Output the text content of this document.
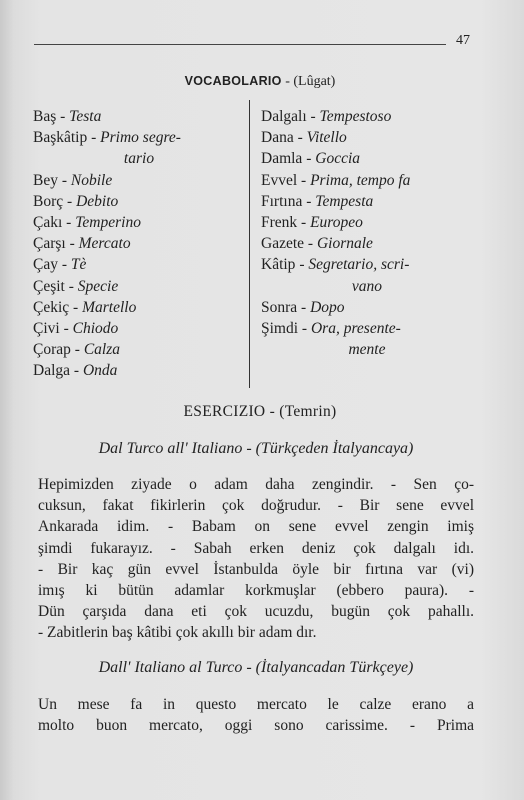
47
VOCABOLARIO - (Lûgat)
Baş - Testa
Başkâtip - Primo segre-
tario
Bey - Nobile
Borç - Debito
Çakı - Temperino
Çarşı - Mercato
Çay - Tè
Çeşit - Specie
Çekiç - Martello
Çivi - Chiodo
Çorap - Calza
Dalga - Onda
Dalgalı - Tempestoso
Dana - Vitello
Damla - Goccia
Evvel - Prima, tempo fa
Fırtına - Tempesta
Frenk - Europeo
Gazete - Giornale
Kâtip - Segretario, scri-
vano
Sonra - Dopo
Şimdi - Ora, presente-
mente
ESERCIZIO - (Temrin)
Dal Turco all' Italiano - (Türkçeden İtalyancaya)
Hepimizden ziyade o adam daha zengindir. - Sen ço-
cuksun, fakat fikirlerin çok doğrudur. - Bir sene evvel
Ankarada idim. - Babam on sene evvel zengin imiş
şimdi fukarayız. - Sabah erken deniz çok dalgalı idı.
- Bir kaç gün evvel İstanbulda öyle bir fırtına var (vi)
imış ki bütün adamlar korkmuşlar (ebbero paura). -
Dün çarşıda dana eti çok ucuzdu, bugün çok pahallı.
- Zabitlerin baş kâtibi çok akıllı bir adam dır.
Dall' Italiano al Turco - (İtalyancadan Türkçeye)
Un mese fa in questo mercato le calze erano a
molto buon mercato, oggi sono carissime. - Prima
